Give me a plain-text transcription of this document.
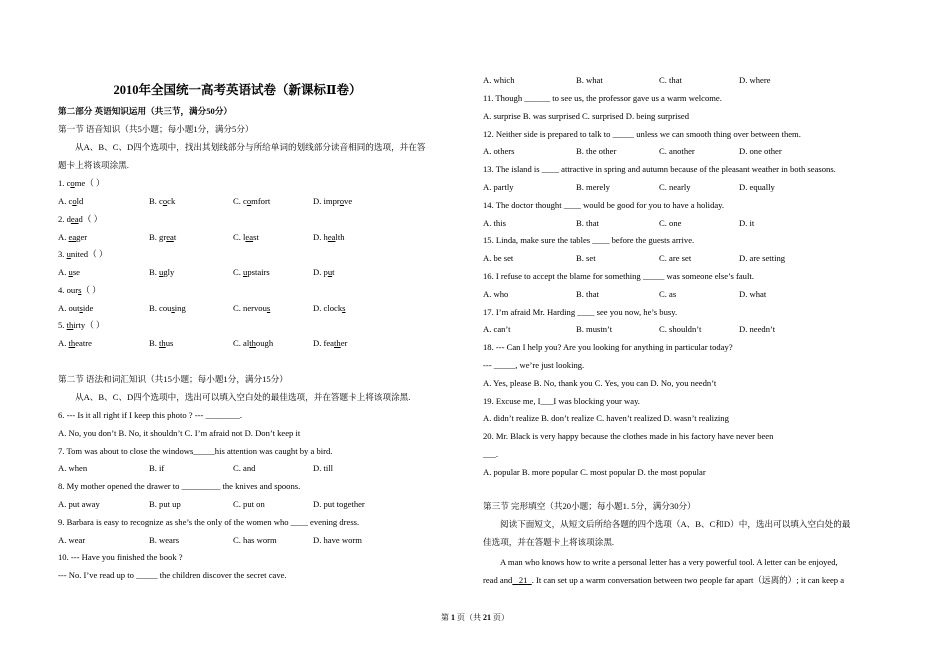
2010年全国统一高考英语试卷（新课标Ⅱ卷）
第二部分 英语知识运用（共三节，满分50分）
第一节 语音知识（共5小题；每小题1分，满分5分）
从A、B、C、D四个选项中，找出其划线部分与所给单词的划线部分读音相同的选项，并在答
题卡上将该项涂黑.
1. come（ ）
A. cold	B. cock	C. comfort	D. improve
2. dead（ ）
A. eager	B. great	C. least	D. health
3. united（ ）
A. use	B. ugly	C. upstairs	D. put
4. ours（ ）
A. outside	B. cousing	C. nervous	D. clocks
5. thirty（ ）
A. theatre	B. thus	C. although	D. feather
第二节 语法和词汇知识（共15小题；每小题1分，满分15分）
从A、B、C、D四个选项中，选出可以填入空白处的最佳选项，并在答题卡上将该项涂黑.
6. --- Is it all right if I keep this photo ? --- ________.
A. No, you don’t B. No, it shouldn’t C. I’m afraid not D. Don’t keep it
7. Tom was about to close the windows_____his attention was caught by a bird.
A. when	B. if	C. and	D. till
8. My mother opened the drawer to _________ the knives and spoons.
A. put away	B. put up	C. put on	D. put together
9. Barbara is easy to recognize as she’s the only of the women who ____ evening dress.
A. wear	B. wears	C. has worm	D. have worm
10. --- Have you finished the book ?
--- No. I’ve read up to _____ the children discover the secret cave.
A. which	B. what	C. that	D. where
11. Though ______ to see us, the professor gave us a warm welcome.
A. surprise B. was surprised C. surprised D. being surprised
12. Neither side is prepared to talk to _____ unless we can smooth thing over between them.
A. others	B. the other	C. another	D. one other
13. The island is ____ attractive in spring and autumn because of the pleasant weather in both seasons.
A. partly	B. merely	C. nearly	D. equally
14. The doctor thought ____ would be good for you to have a holiday.
A. this	B. that	C. one	D. it
15. Linda, make sure the tables ____ before the guests arrive.
A. be set	B. set	C. are set	D. are setting
16. I refuse to accept the blame for something _____ was someone else’s fault.
A. who	B. that	C. as	D. what
17. I’m afraid Mr. Harding ____ see you now, he’s busy.
A. can’t	B. mustn’t	C. shouldn’t	D. needn’t
18. --- Can I help you? Are you looking for anything in particular today?
--- _____, we’re just looking.
A. Yes, please B. No, thank you C. Yes, you can D. No, you needn’t
19. Excuse me, I___I was blocking your way.
A. didn’t realize B. don’t realize C. haven’t realized D. wasn’t realizing
20. Mr. Black is very happy because the clothes made in his factory have never been
___.
A. popular B. more popular C. most popular D. the most popular
第三节 完形填空（共20小题；每小题1. 5分，满分30分）
阅读下面短文，从短文后所给各题的四个选项（A、B、C和D）中，选出可以填入空白处的最
佳选项，并在答题卡上将该项涂黑.
A man who knows how to write a personal letter has a very powerful tool. A letter can be enjoyed,
read and 21 . It can set up a warm conversation between two people far apart（远离的）; it can keep a
第 1 页（共 21 页）
